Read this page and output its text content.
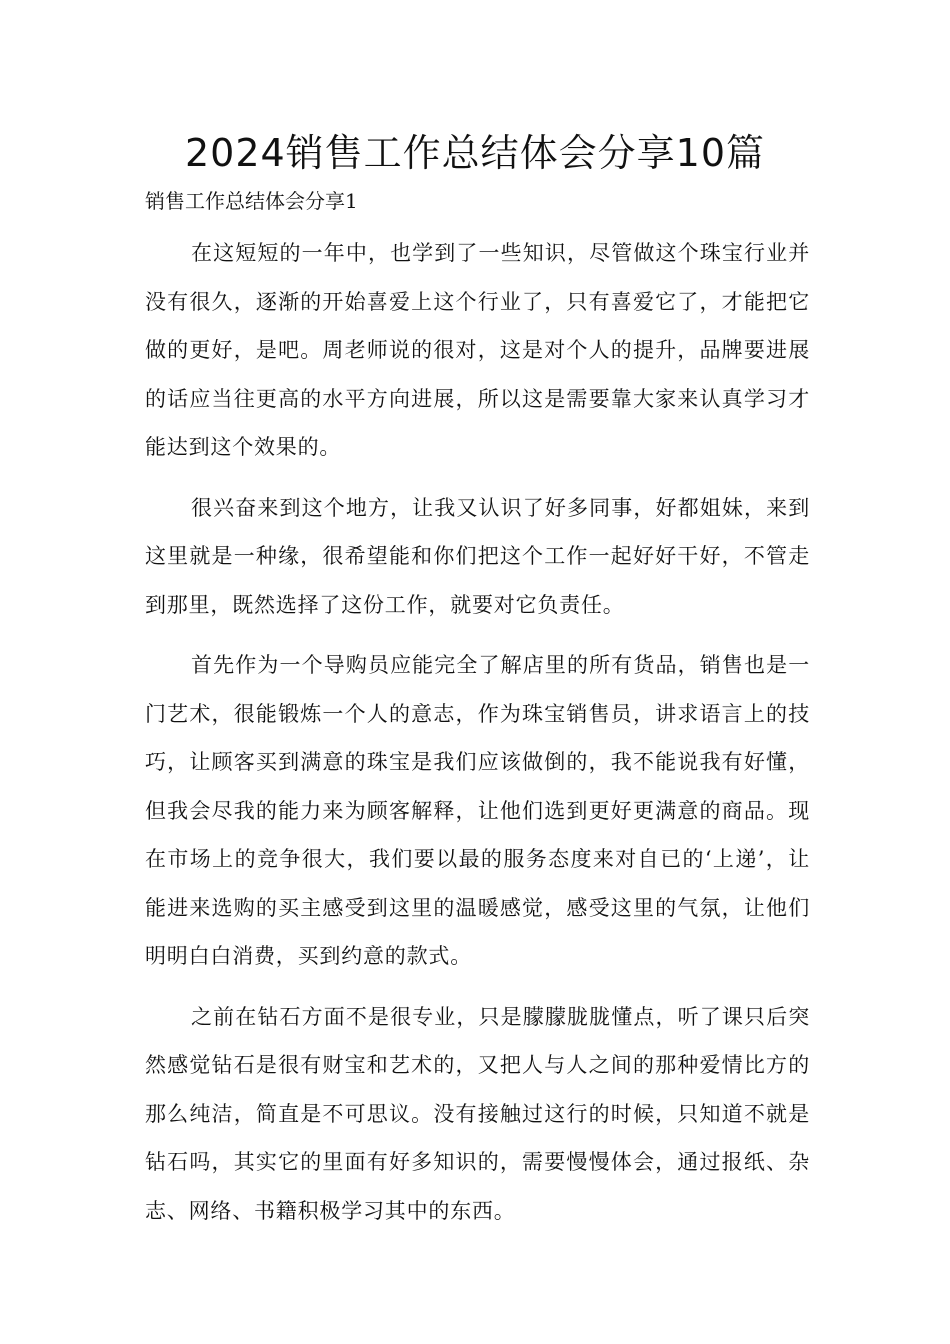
2024销售工作总结体会分享10篇

销售工作总结体会分享1

在这短短的一年中，也学到了一些知识，尽管做这个珠宝行业并没有很久，逐渐的开始喜爱上这个行业了，只有喜爱它了，才能把它做的更好，是吧。周老师说的很对，这是对个人的提升，品牌要进展的话应当往更高的水平方向进展，所以这是需要靠大家来认真学习才能达到这个效果的。

很兴奋来到这个地方，让我又认识了好多同事，好都姐妹，来到这里就是一种缘，很希望能和你们把这个工作一起好好干好，不管走到那里，既然选择了这份工作，就要对它负责任。

首先作为一个导购员应能完全了解店里的所有货品，销售也是一门艺术，很能锻炼一个人的意志，作为珠宝销售员，讲求语言上的技巧，让顾客买到满意的珠宝是我们应该做倒的，我不能说我有好懂，但我会尽我的能力来为顾客解释，让他们选到更好更满意的商品。现在市场上的竞争很大，我们要以最的服务态度来对自已的‘上递’，让能进来选购的买主感受到这里的温暖感觉，感受这里的气氛，让他们明明白白消费，买到约意的款式。

之前在钻石方面不是很专业，只是朦朦胧胧懂点，听了课只后突然感觉钻石是很有财宝和艺术的，又把人与人之间的那种爱情比方的那么纯洁，简直是不可思议。没有接触过这行的时候，只知道不就是钻石吗，其实它的里面有好多知识的，需要慢慢体会，通过报纸、杂志、网络、书籍积极学习其中的东西。
